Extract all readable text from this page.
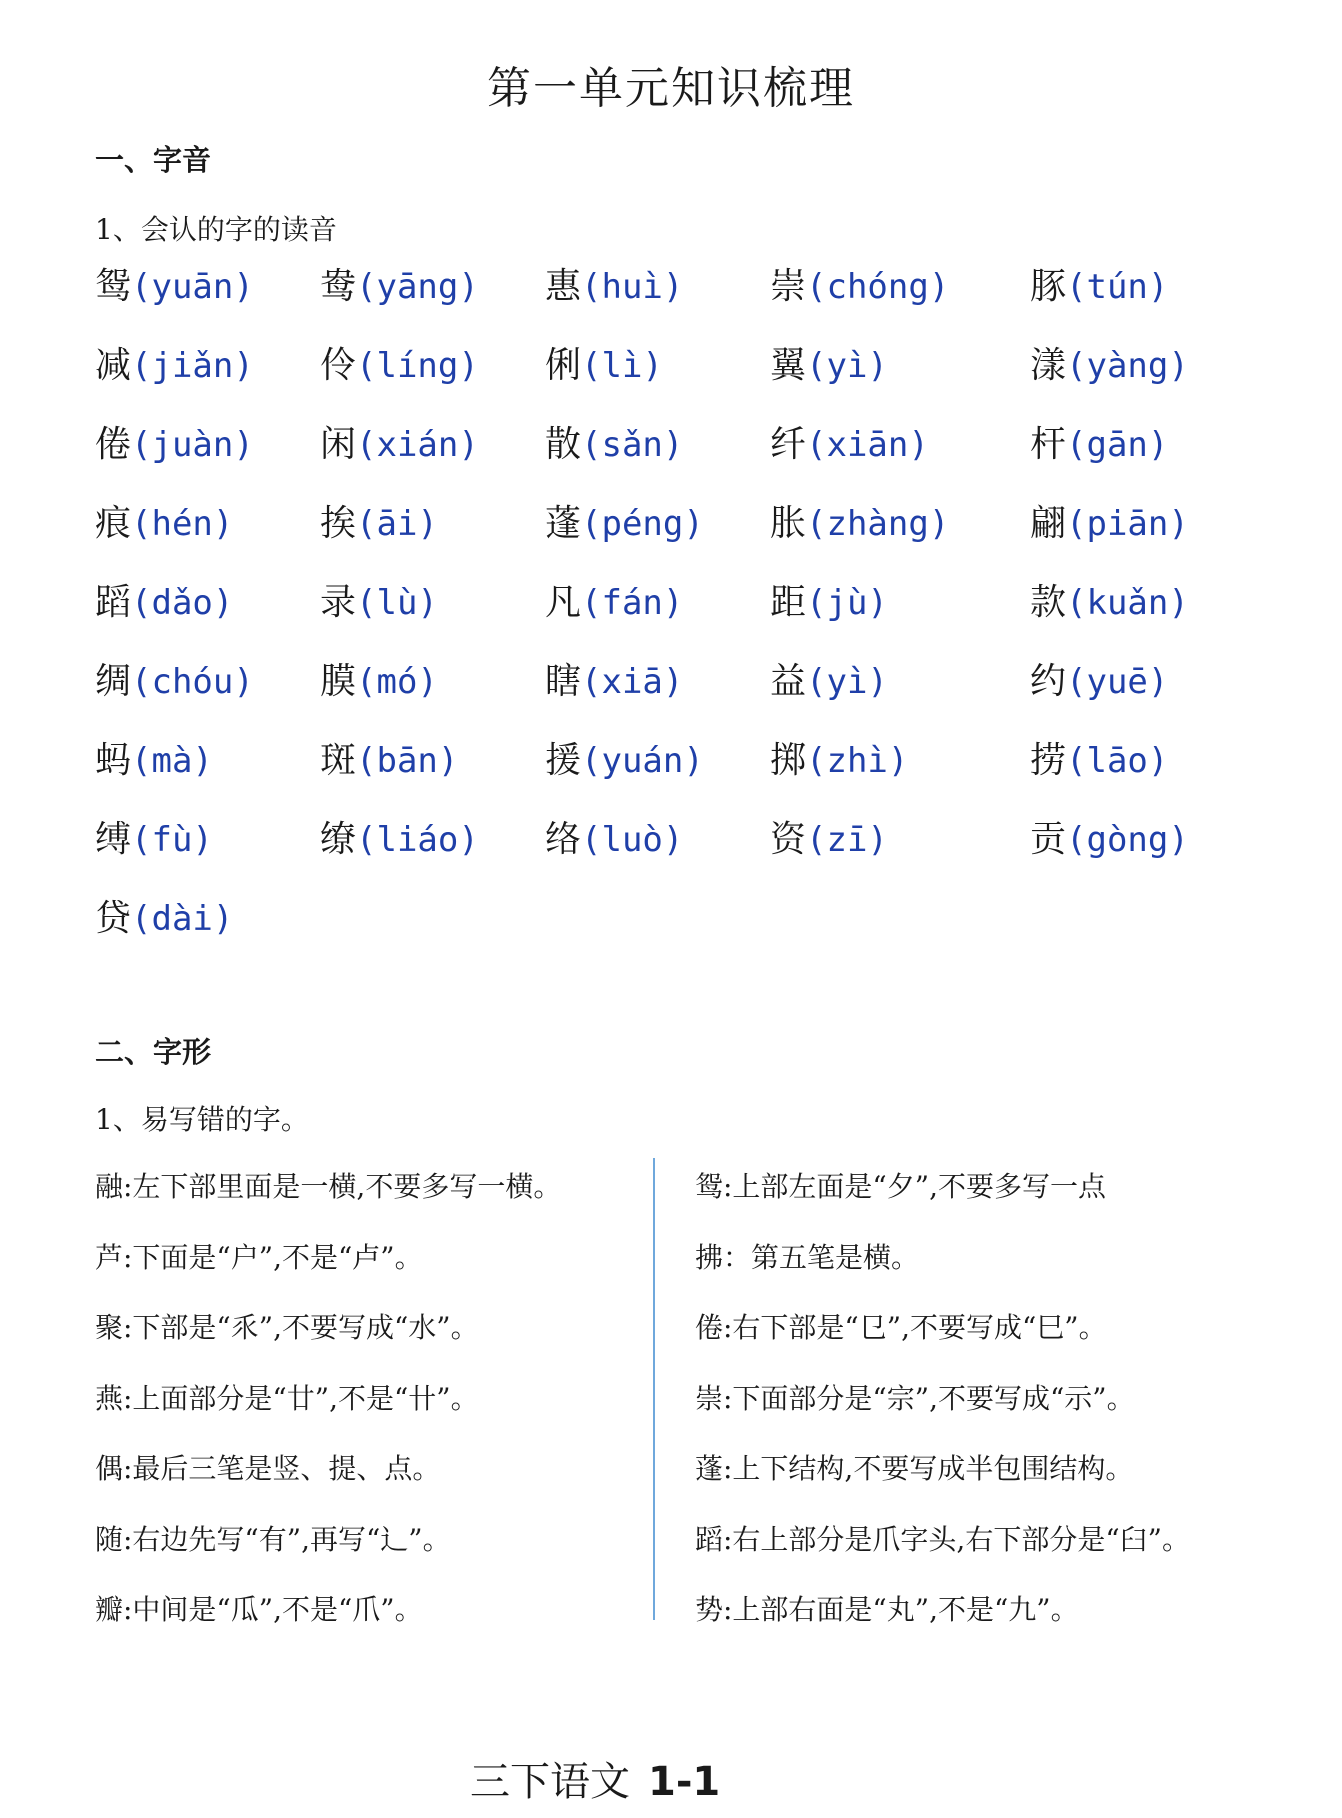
第一单元知识梳理
一、字音
1、会认的字的读音
鸳(yuān) 鸯(yāng) 惠(huì) 崇(chóng) 豚(tún)
减(jiǎn) 伶(líng) 俐(lì)	翼(yì)	漾(yàng)
倦(juàn) 闲(xián) 散(sǎn) 纤(xiān)	杆(gān)
痕(hén) 挨(āi)	蓬(péng) 胀(zhàng) 翩(piān)
蹈(dǎo) 录(lù)	凡(fán) 距(jù)	款(kuǎn)
绸(chóu) 膜(mó)	瞎(xiā) 益(yì)	约(yuē)
蚂(mà)	斑(bān) 援(yuán) 掷(zhì)	捞(lāo)
缚(fù)	缭(liáo) 络(luò) 资(zī)	贡(gòng)
贷(dài)
二、字形
1、易写错的字。
融:左下部里面是一横,不要多写一横。
芦:下面是“户”,不是“卢”。
聚:下部是“乑”,不要写成“水”。
燕:上面部分是“廿”,不是“卄”。
偶:最后三笔是竖、提、点。
随:右边先写“有”,再写“辶”。
瓣:中间是“瓜”,不是“爪”。
鸳:上部左面是“夕”,不要多写一点
拂：第五笔是横。
倦:右下部是“㔾”,不要写成“巳”。
崇:下面部分是“宗”,不要写成“示”。
蓬:上下结构,不要写成半包围结构。
蹈:右上部分是爪字头,右下部分是“臼”。
势:上部右面是“丸”,不是“九”。
三下语文 1-1
